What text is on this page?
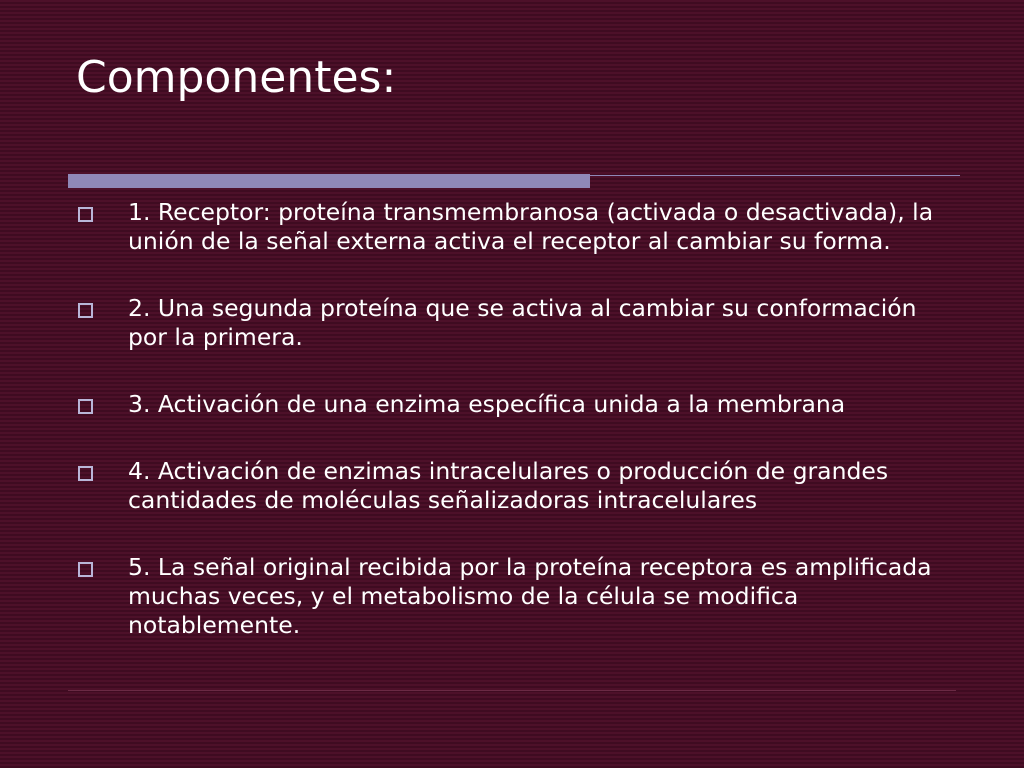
Componentes:
1. Receptor: proteína transmembranosa (activada o desactivada), la unión de la señal externa activa el receptor al cambiar su forma.
2. Una segunda proteína que se activa al cambiar su conformación por la primera.
3. Activación de una enzima específica unida a la membrana
4. Activación de enzimas intracelulares o producción de grandes cantidades de moléculas señalizadoras intracelulares
5. La señal original recibida por la proteína receptora es amplificada muchas veces, y el metabolismo de la célula se modifica notablemente.
